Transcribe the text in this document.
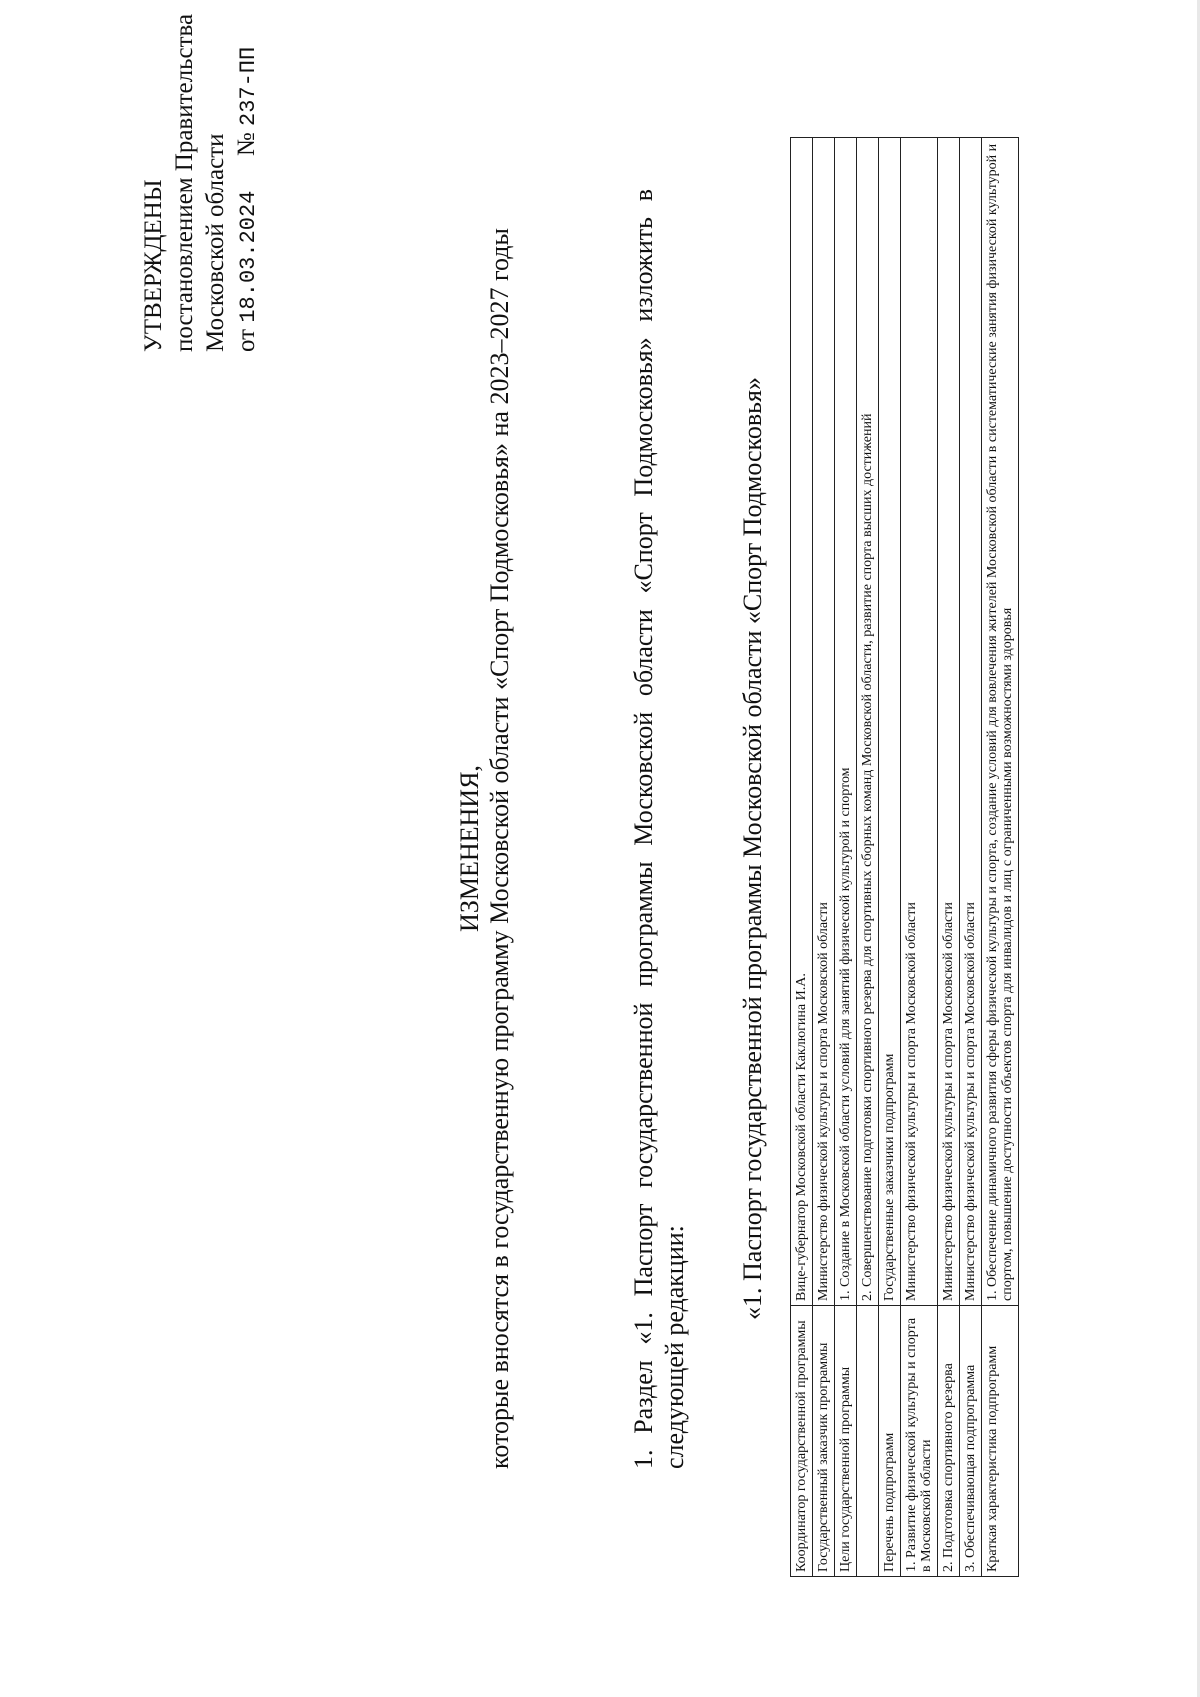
УТВЕРЖДЕНЫ постановлением Правительства Московской области от 18.03.2024  № 237-ПП
ИЗМЕНЕНИЯ, которые вносятся в государственную программу Московской области «Спорт Подмосковья» на 2023–2027 годы	1. Раздел «1. Паспорт государственной программы Московской области «Спорт Подмосковья» изложить в следующей редакции:
«1. Паспорт государственной программы Московской области «Спорт Подмосковья»
Координатор государственной программы	Вице-губернатор Московской области Каклюгина И.А.
Государственный заказчик программы	Министерство физической культуры и спорта Московской области
Цели государственной программы	1. Создание в Московской области условий для занятий физической культурой и спортом
	2. Совершенствование подготовки спортивного резерва для спортивных сборных команд Московской области, развитие спорта высших достижений
Перечень подпрограмм	Государственные заказчики подпрограмм
1. Развитие физической культуры и спорта в Московской области	Министерство физической культуры и спорта Московской области
2. Подготовка спортивного резерва	Министерство физической культуры и спорта Московской области
3. Обеспечивающая подпрограмма	Министерство физической культуры и спорта Московской области
Краткая характеристика подпрограмм	1. Обеспечение динамичного развития сферы физической культуры и спорта, создание условий для вовлечения жителей Московской области в систематические занятия физической культурой и спортом, повышение доступности объектов спорта для инвалидов и лиц с ограниченными возможностями здоровья
